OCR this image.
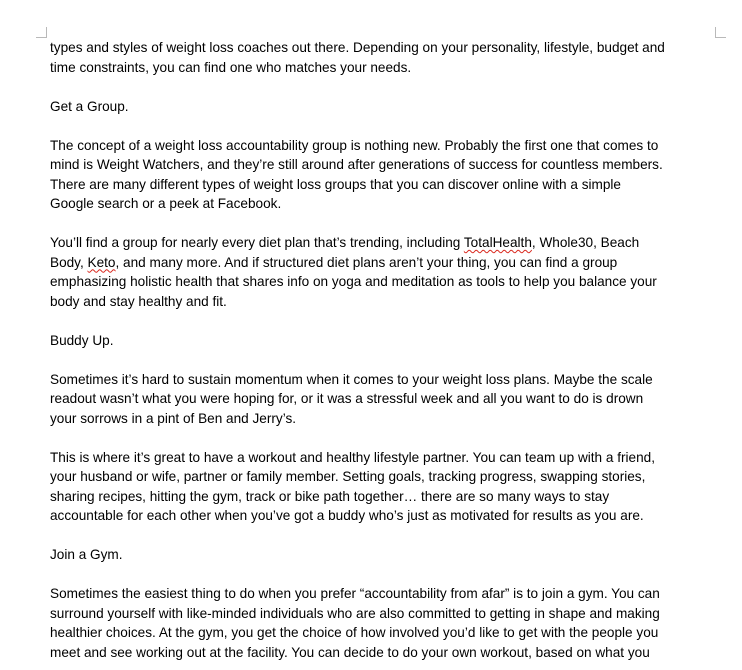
types and styles of weight loss coaches out there. Depending on your personality, lifestyle, budget and
time constraints, you can find one who matches your needs.
Get a Group.
The concept of a weight loss accountability group is nothing new. Probably the first one that comes to
mind is Weight Watchers, and they’re still around after generations of success for countless members.
There are many different types of weight loss groups that you can discover online with a simple
Google search or a peek at Facebook.
You’ll find a group for nearly every diet plan that’s trending, including TotalHealth, Whole30, Beach
Body, Keto, and many more. And if structured diet plans aren’t your thing, you can find a group
emphasizing holistic health that shares info on yoga and meditation as tools to help you balance your
body and stay healthy and fit.
Buddy Up.
Sometimes it’s hard to sustain momentum when it comes to your weight loss plans. Maybe the scale
readout wasn’t what you were hoping for, or it was a stressful week and all you want to do is drown
your sorrows in a pint of Ben and Jerry’s.
This is where it’s great to have a workout and healthy lifestyle partner. You can team up with a friend,
your husband or wife, partner or family member. Setting goals, tracking progress, swapping stories,
sharing recipes, hitting the gym, track or bike path together… there are so many ways to stay
accountable for each other when you’ve got a buddy who’s just as motivated for results as you are.
Join a Gym.
Sometimes the easiest thing to do when you prefer “accountability from afar” is to join a gym. You can
surround yourself with like-minded individuals who are also committed to getting in shape and making
healthier choices. At the gym, you get the choice of how involved you’d like to get with the people you
meet and see working out at the facility. You can decide to do your own workout, based on what you
